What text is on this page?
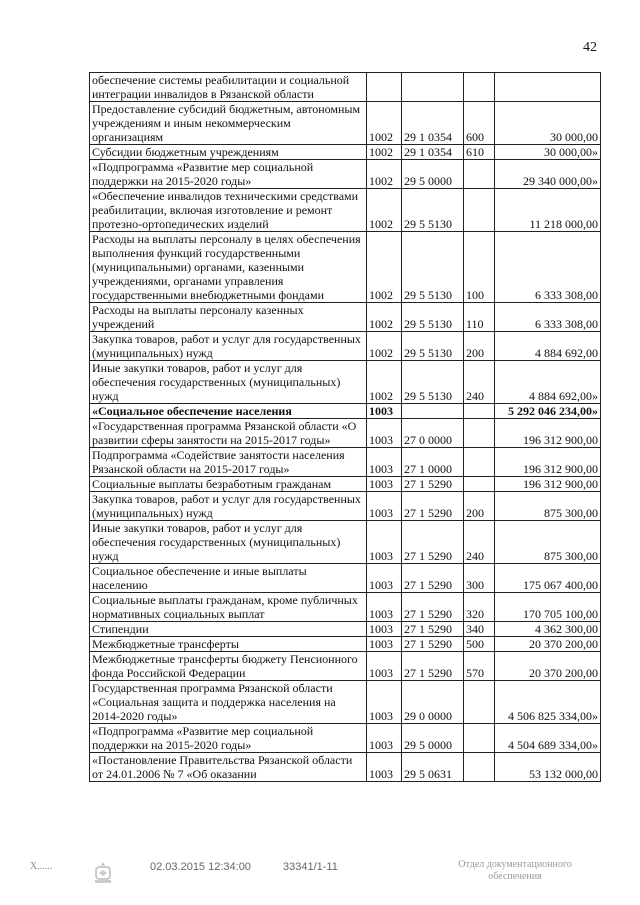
42
обеспечение системы реабилитации и социальной интеграции инвалидов в Рязанской области				
Предоставление субсидий бюджетным, автономным учреждениям и иным некоммерческим организациям	1002	29 1 0354	600	30 000,00
Субсидии бюджетным учреждениям	1002	29 1 0354	610	30 000,00»
«Подпрограмма «Развитие мер социальной поддержки на 2015-2020 годы»	1002	29 5 0000		29 340 000,00»
«Обеспечение инвалидов техническими средствами реабилитации, включая изготовление и ремонт протезно-ортопедических изделий	1002	29 5 5130		11 218 000,00
Расходы на выплаты персоналу в целях обеспечения выполнения функций государственными (муниципальными) органами, казенными учреждениями, органами управления государственными внебюджетными фондами	1002	29 5 5130	100	6 333 308,00
Расходы на выплаты персоналу казенных учреждений	1002	29 5 5130	110	6 333 308,00
Закупка товаров, работ и услуг для государственных (муниципальных) нужд	1002	29 5 5130	200	4 884 692,00
Иные закупки товаров, работ и услуг для обеспечения государственных (муниципальных) нужд	1002	29 5 5130	240	4 884 692,00»
«Социальное обеспечение населения	1003			5 292 046 234,00»
«Государственная программа Рязанской области «О развитии сферы занятости на 2015-2017 годы»	1003	27 0 0000		196 312 900,00
Подпрограмма «Содействие занятости населения Рязанской области на 2015-2017 годы»	1003	27 1 0000		196 312 900,00
Социальные выплаты безработным гражданам	1003	27 1 5290		196 312 900,00
Закупка товаров, работ и услуг для государственных (муниципальных) нужд	1003	27 1 5290	200	875 300,00
Иные закупки товаров, работ и услуг для обеспечения государственных (муниципальных) нужд	1003	27 1 5290	240	875 300,00
Социальное обеспечение и иные выплаты населению	1003	27 1 5290	300	175 067 400,00
Социальные выплаты гражданам, кроме публичных нормативных социальных выплат	1003	27 1 5290	320	170 705 100,00
Стипендии	1003	27 1 5290	340	4 362 300,00
Межбюджетные трансферты	1003	27 1 5290	500	20 370 200,00
Межбюджетные трансферты бюджету Пенсионного фонда Российской Федерации	1003	27 1 5290	570	20 370 200,00
Государственная программа Рязанской области «Социальная защита и поддержка населения на 2014-2020 годы»	1003	29 0 0000		4 506 825 334,00»
«Подпрограмма «Развитие мер социальной поддержки на 2015-2020 годы»	1003	29 5 0000		4 504 689 334,00»
«Постановление Правительства Рязанской области от 24.01.2006 № 7 «Об оказании	1003	29 5 0631		53 132 000,00
Х......	02.03.2015 12:34:00	33341/1-11	Отдел документационного
обеспечения
